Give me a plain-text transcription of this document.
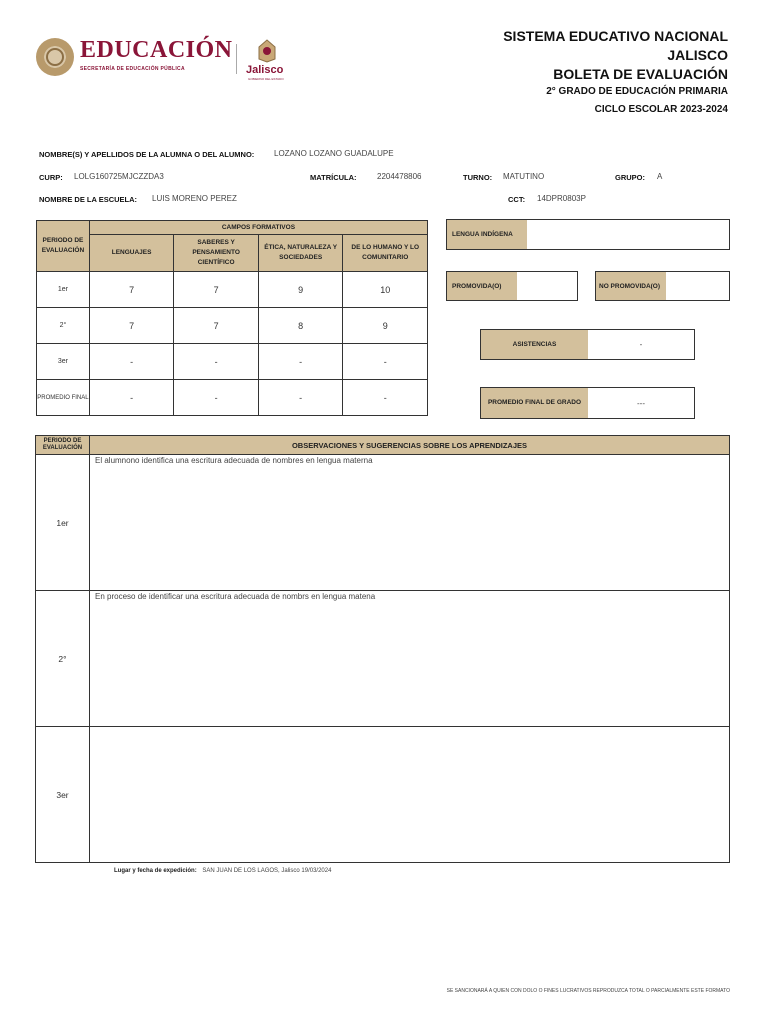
EDUCACIÓN
SECRETARÍA DE EDUCACIÓN PÚBLICA	Jalisco
GOBIERNO DEL ESTADO
SISTEMA EDUCATIVO NACIONAL
JALISCO
BOLETA DE EVALUACIÓN
2° GRADO DE EDUCACIÓN PRIMARIA
CICLO ESCOLAR 2023-2024
NOMBRE(S) Y APELLIDOS DE LA ALUMNA O DEL ALUMNO: LOZANO LOZANO GUADALUPE
CURP: LOLG160725MJCZZDA3	MATRÍCULA:	2204478806	TURNO: MATUTINO	GRUPO: A
NOMBRE DE LA ESCUELA: LUIS MORENO PEREZ	CCT: 14DPR0803P
PERIODO DE EVALUACIÓN	CAMPOS FORMATIVOS			
	LENGUAJES	SABERES Y PENSAMIENTO CIENTÍFICO	ÉTICA, NATURALEZA Y SOCIEDADES	DE LO HUMANO Y LO COMUNITARIO
1er	7	7	9	10
2°	7	7	8	9
3er	-	-	-	-
PROMEDIO FINAL	-	-	-	-
LENGUA INDÍGENA
PROMOVIDA(O)	NO PROMOVIDA(O)
ASISTENCIAS	-
PROMEDIO FINAL DE GRADO	---
PERIODO DE EVALUACIÓN	OBSERVACIONES Y SUGERENCIAS SOBRE LOS APRENDIZAJES
1er	El alumnono identifica una escritura adecuada de nombres en lengua materna
2°	En proceso de identificar una escritura adecuada de nombrs en lengua matena
3er	
Lugar y fecha de expedición: SAN JUAN DE LOS LAGOS, Jalisco 19/03/2024
SE SANCIONARÁ A QUIEN CON DOLO O FINES LUCRATIVOS REPRODUZCA TOTAL O PARCIALMENTE ESTE FORMATO
